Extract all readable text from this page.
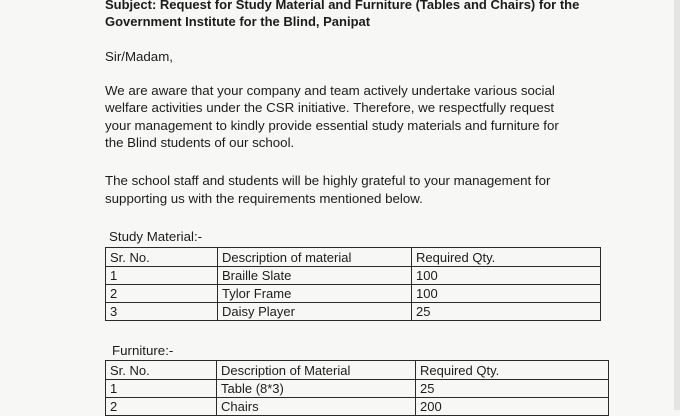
Subject: Request for Study Material and Furniture (Tables and Chairs) for the
Government Institute for the Blind, Panipat
Sir/Madam,
We are aware that your company and team actively undertake various social
welfare activities under the CSR initiative. Therefore, we respectfully request
your management to kindly provide essential study materials and furniture for
the Blind students of our school.
The school staff and students will be highly grateful to your management for
supporting us with the requirements mentioned below.
Study Material:-
Sr. No.	Description of material	Required Qty.
1	Braille Slate	100
2	Tylor Frame	100
3	Daisy Player	25
Furniture:-
Sr. No.	Description of Material	Required Qty.
1	Table (8*3)	25
2	Chairs	200
